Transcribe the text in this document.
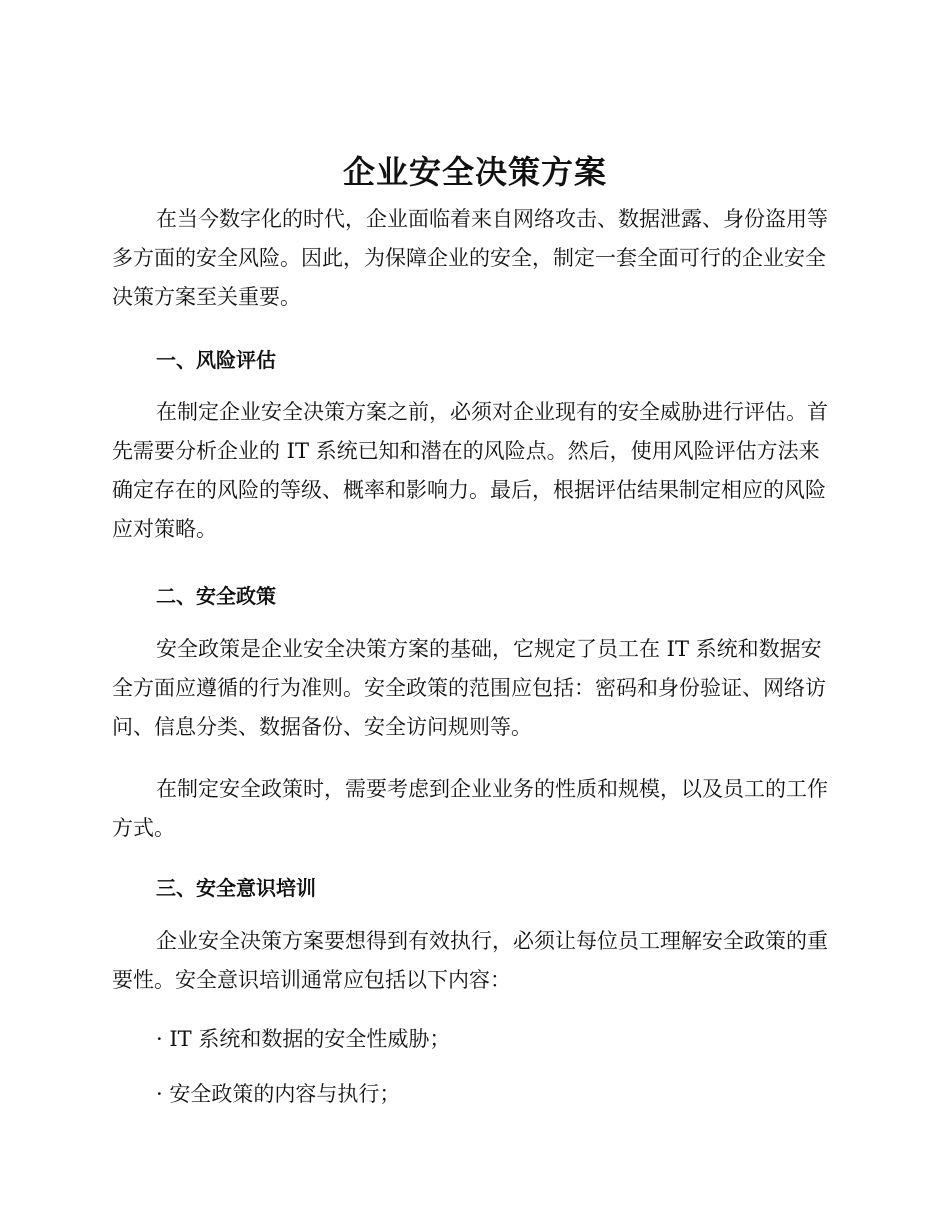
企业安全决策方案

在当今数字化的时代，企业面临着来自网络攻击、数据泄露、身份盗用等多方面的安全风险。因此，为保障企业的安全，制定一套全面可行的企业安全决策方案至关重要。

一、风险评估

在制定企业安全决策方案之前，必须对企业现有的安全威胁进行评估。首先需要分析企业的 IT 系统已知和潜在的风险点。然后，使用风险评估方法来确定存在的风险的等级、概率和影响力。最后，根据评估结果制定相应的风险应对策略。

二、安全政策

安全政策是企业安全决策方案的基础，它规定了员工在 IT 系统和数据安全方面应遵循的行为准则。安全政策的范围应包括：密码和身份验证、网络访问、信息分类、数据备份、安全访问规则等。

在制定安全政策时，需要考虑到企业业务的性质和规模，以及员工的工作方式。

三、安全意识培训

企业安全决策方案要想得到有效执行，必须让每位员工理解安全政策的重要性。安全意识培训通常应包括以下内容：

· IT 系统和数据的安全性威胁；

· 安全政策的内容与执行；
